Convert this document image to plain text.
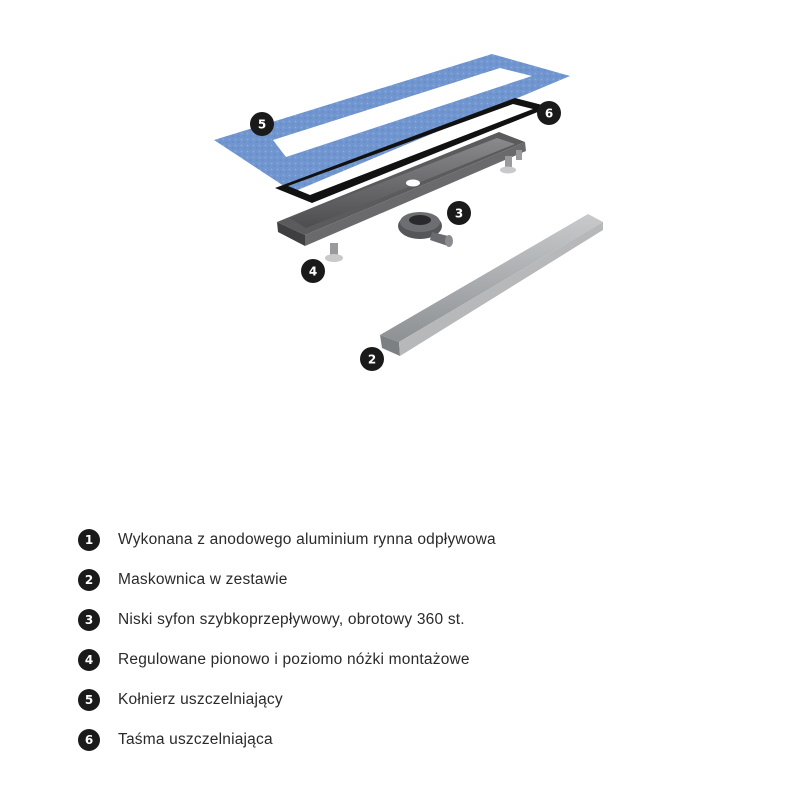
5
6
3
4
2
1	Wykonana z anodowego aluminium rynna odpływowa
2	Maskownica w zestawie
3	Niski syfon szybkoprzepływowy, obrotowy 360 st.
4	Regulowane pionowo i poziomo nóżki montażowe
5	Kołnierz uszczelniający
6	Taśma uszczelniająca
